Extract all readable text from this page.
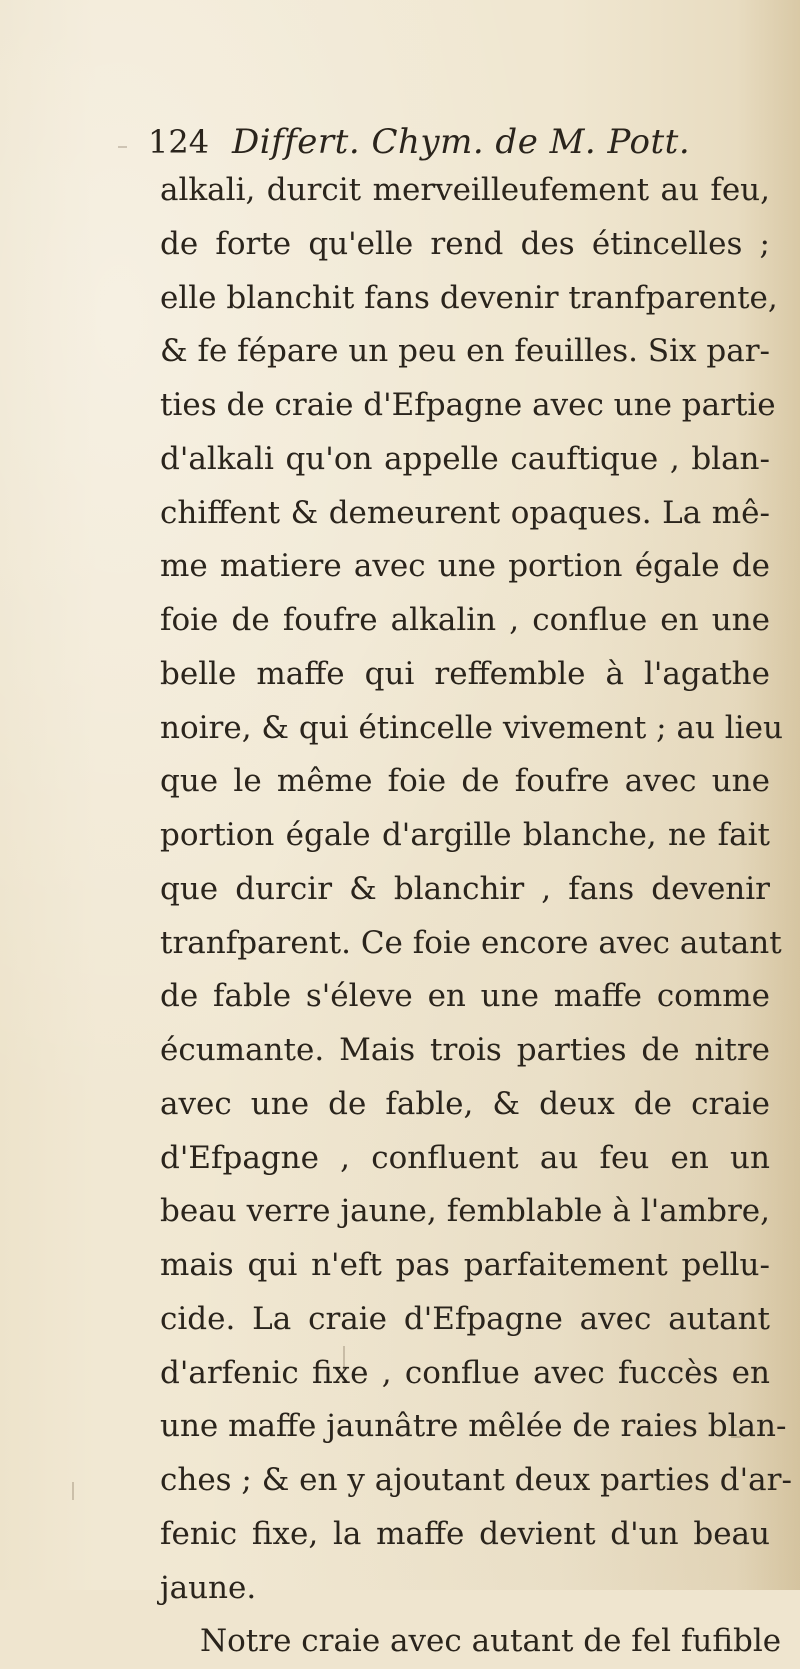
124 Differt. Chym. de M. Pott.
alkali, durcit merveilleufement au feu,
de forte qu'elle rend des étincelles ;
elle blanchit fans devenir tranfparente,
& fe fépare un peu en feuilles. Six par-
ties de craie d'Efpagne avec une partie
d'alkali qu'on appelle cauftique , blan-
chiffent & demeurent opaques. La mê-
me matiere avec une portion égale de
foie de foufre alkalin , conflue en une
belle maffe qui reffemble à l'agathe
noire, & qui étincelle vivement ; au lieu
que le même foie de foufre avec une
portion égale d'argille blanche, ne fait
que durcir & blanchir , fans devenir
tranfparent. Ce foie encore avec autant
de fable s'éleve en une maffe comme
écumante. Mais trois parties de nitre
avec une de fable, & deux de craie
d'Efpagne , confluent au feu en un
beau verre jaune, femblable à l'ambre,
mais qui n'eft pas parfaitement pellu-
cide. La craie d'Efpagne avec autant
d'arfenic fixe , conflue avec fuccès en
une maffe jaunâtre mêlée de raies blan-
ches ; & en y ajoutant deux parties d'ar-
fenic fixe, la maffe devient d'un beau
jaune.
Notre craie avec autant de fel fufible
